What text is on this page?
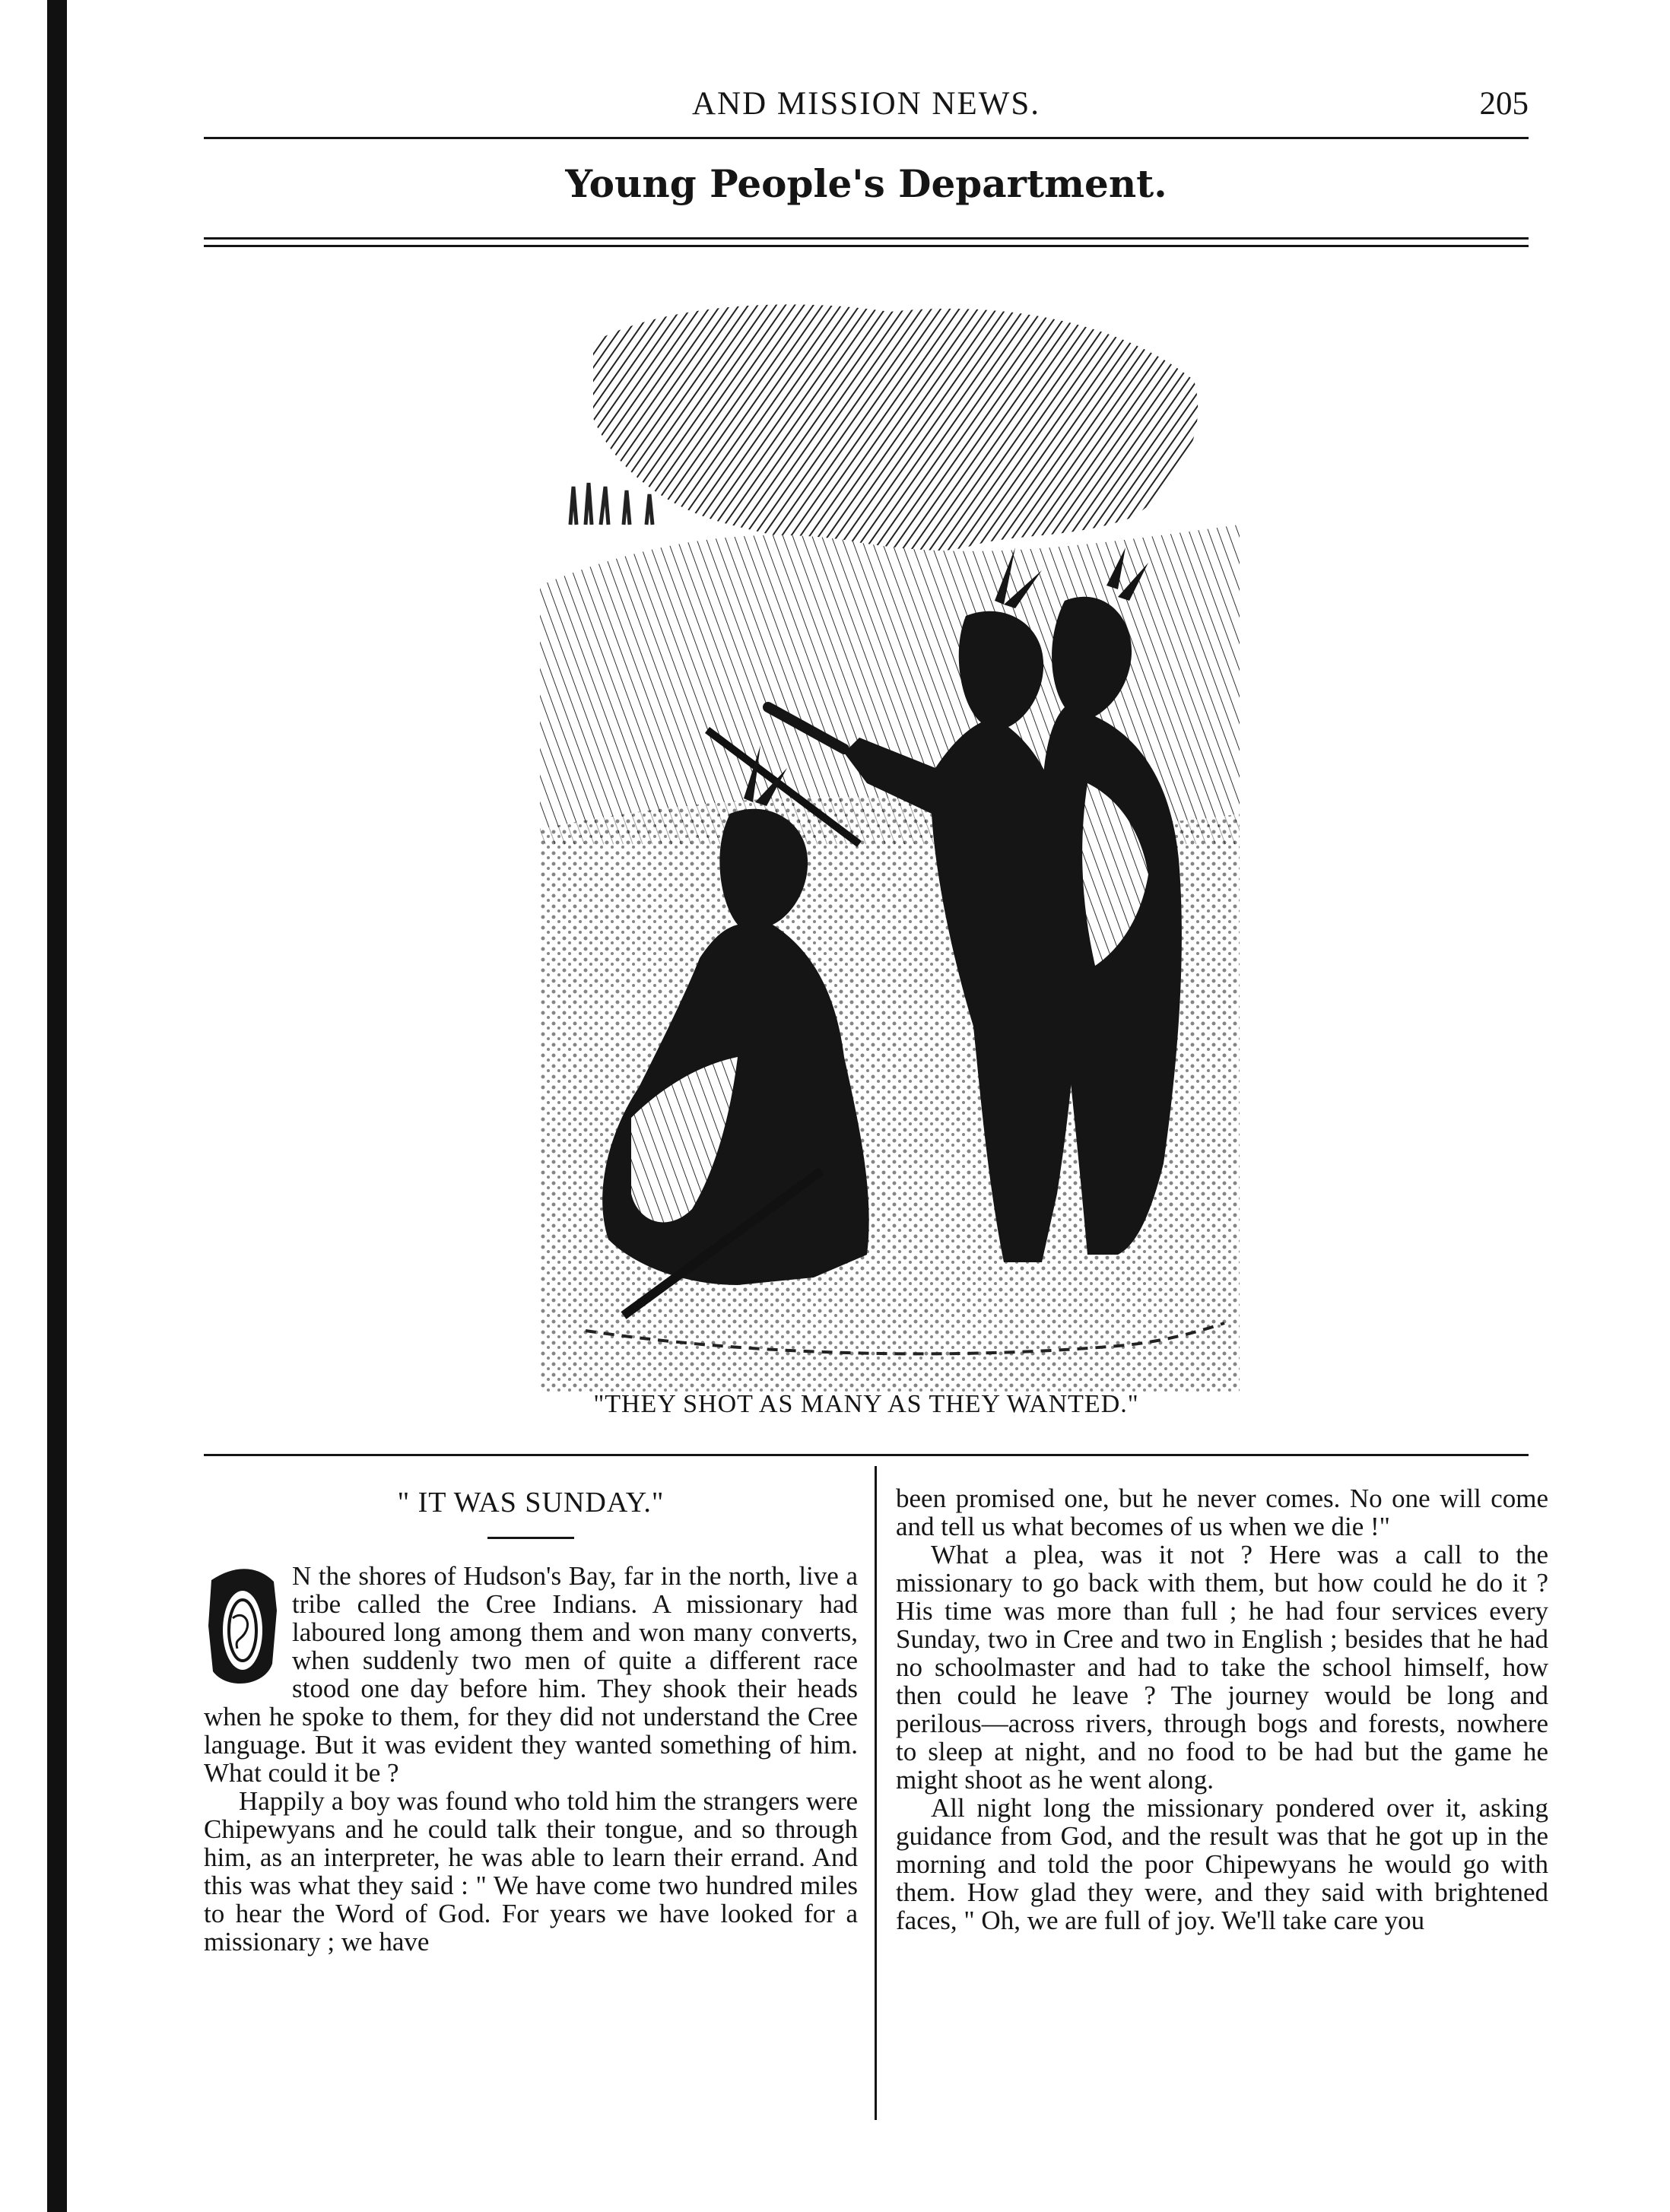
AND MISSION NEWS.	205
Young People's Department.
"THEY SHOT AS MANY AS THEY WANTED."
" IT WAS SUNDAY."

N the shores of Hudson's Bay, far in the north, live a tribe called the Cree Indians. A missionary had laboured long among them and won many converts, when suddenly two men of quite a different race stood one day before him. They shook their heads when he spoke to them, for they did not understand the Cree language. But it was evident they wanted something of him. What could it be ?

Happily a boy was found who told him the strangers were Chipewyans and he could talk their tongue, and so through him, as an interpreter, he was able to learn their errand. And this was what they said : " We have come two hundred miles to hear the Word of God. For years we have looked for a missionary ; we have

been promised one, but he never comes. No one will come and tell us what becomes of us when we die !"

What a plea, was it not ? Here was a call to the missionary to go back with them, but how could he do it ? His time was more than full ; he had four services every Sunday, two in Cree and two in English ; besides that he had no schoolmaster and had to take the school himself, how then could he leave ? The journey would be long and perilous—across rivers, through bogs and forests, nowhere to sleep at night, and no food to be had but the game he might shoot as he went along.

All night long the missionary pondered over it, asking guidance from God, and the result was that he got up in the morning and told the poor Chipewyans he would go with them. How glad they were, and they said with brightened faces, " Oh, we are full of joy. We'll take care you
